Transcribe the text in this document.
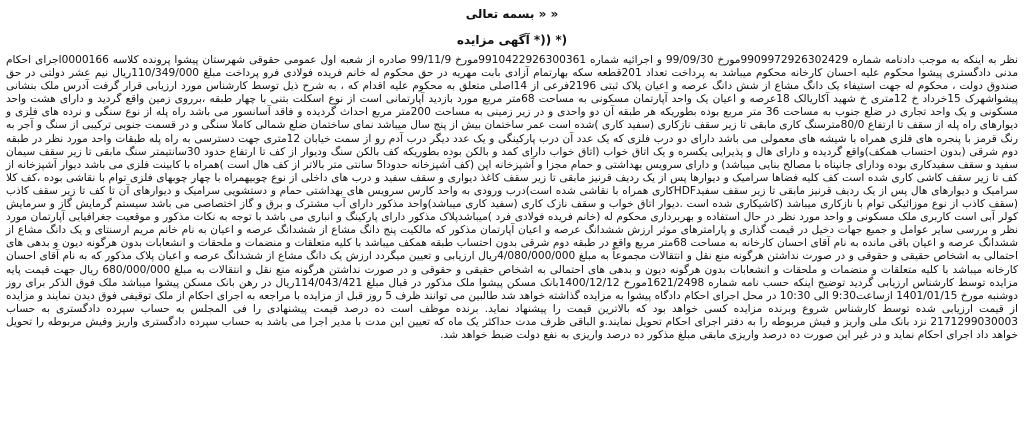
بسمه تعالی » »
آگهی مزایده *)) *)

نظر به اینکه به موجب دادنامه شماره 9909972926302429مورخ 99/09/30 و اجرائیه شماره 9910422926300361مورخ 99/11/9 صادره از شعبه اول عمومی حقوقی شهرستان پیشوا پرونده کلاسه 0000166اجرای احکام مدنی دادگستری پیشوا محکوم علیه احسان کارخانه محکوم میباشد به پرداخت تعداد 201قطعه سکه بهارتمام آزادی بابت مهریه در حق محکوم له خانم فریده فولادی فرو پرداخت مبلغ 110/349/000ریال نیم عشر دولتی در حق صندوق دولت ، محکوم له جهت استیفاء یک دانگ مشاع از شش دانگ عرصه و اعیان پلاک ثبتی 2196فرعی از 14اصلی متعلق به محکوم علیه اقدام که ، به شرح ذیل توسط کارشناس مورد ارزیابی قرار گرفت آدرس ملک بنشانی پیشواشهرک 15خرداد خ 12متری خ شهید آکاریالک 18عرصه و اعیان یک واحد آپارتمان مسکونی به مساحت 68متر مربع مورد بازدید آپارتمانی است از نوع اسکلت بتنی با چهار طبقه ،برروی زمین واقع گردید و دارای هشت واحد مسکونی و یک واحد تجاری در ضلع جنوب به مساحت 36 متر مربع بوده بطوریکه هر طبقه آن دو واحدی و در زیر زمینی به مساحت 200متر مربع احداث گردیده و فاقد آسانسور می باشد راه پله از نوع سنگی و نرده های فلزی و دیوارهای راه پله از سقف تا ارتفاع 80/0مترسنگ کاری مابقی تا زیر سقف نازکاری (سفید کاری )شده است عمر ساختمان بیش از پنج سال میباشد نمای ساختمان ضلع شمالی کاملا سنگی و در قسمت جنوبی ترکیبی از سنگ و آجر به رنگ قرمز با پنجره های فلزی همراه با شیشه های معمولی می باشد دارای دو درب فلزی که یک عدد آن درب پارکینگی و یک عدد دیگر درب آدم رو از سمت خیابان 12متری جهت دسترسی به راه پله طبقات واحد مورد نظر در طبقه دوم شرقی (بدون احتساب همکف)واقع گردیده و دارای هال و پذیرایی یکسره و یک اتاق خواب (اتاق خواب دارای کمد و بالکن بوده بطوریکه کف بالکن سنگ ودیوار از کف تا ارتفاع حدود 30سانتیمتر سنگ مابقی تا زیر سقف سیمان سفید و سقف سفیدکاری بوده ودارای جانپناه با مصالح بنایی میباشد) و دارای سرویس بهداشتی و حمام مجزا و آشپزخانه اپن (کف آشپزخانه حدودا5 سانتی متر بالاتر از کف هال است )همراه با کابینت فلزی می باشد دیوار آشپزخانه از کف تا زیر سقف کاشی کاری شده است کف کلیه فضاها سرامیک و دیوارها پس از یک ردیف قرنیز مابقی تا زیر سقف کاغذ دیواری و سقف سفید و درب های داخلی از نوع چوبیهمراه با چهار چوبهای فلزی توام با نقاشی بوده ،کف کلا سرامیک و دیوارهای هال پس از یک ردیف قرنیز مابقی تا زیر سقف سفیدHDFکاری همراه با نقاشی شده است)درب ورودی به واحد کارس سرویس های بهداشتی حمام و دستشویی سرامیک و دیوارهای آن تا کف تا زیر سقف کاذب (سقف کاذب از نوع موزائیکی توام با نازکاری میباشد (کاشیکاری شده است .دیوار اتاق خواب و سقف نازک کاری (سفید کاری میباشد)واحد مذکور دارای آب مشترک و برق و گاز اختصاصی می باشد سیستم گرمایش گاز و سرمایش کولر آبی است کاربری ملک مسکونی و واحد مورد نظر در حال استفاده و بهربرداری محکوم له (خانم فریده فولادی فرد )میباشدپلاک مذکور دارای پارکینگ و انباری می باشد با توجه به نکات مذکور و موقعیت جغرافیایی آپارتمان مورد نظر و بررسی سایر عوامل و جمیع جهات دخیل در قیمت گذاری و پارامترهای موثر ارزش ششدانگ عرصه و اعیان آپارتمان مذکور که مالکیت پنج دانگ مشاع از ششدانگ عرصه و اعیان به نام خانم مریم ارسنتای و یک دانگ مشاع از ششدانگ عرصه و اعیان باقی مانده به نام آقای احسان کارخانه به مساحت 68متر مربع واقع در طبقه دوم شرقی بدون احتساب طبقه همکف میباشد با کلیه متعلقات و منضمات و ملحقات و انشعابات بدون هرگونه دیون و بدهی های احتمالی به اشخاص حقیقی و حقوقی و در صورت نداشتن هرگونه منع نقل و انتقالات مجموعاً به مبلغ 4/080/000/000ریال ارزیابی و تعیین میگردد ارزش یک دانگ مشاع از ششدانگ عرصه و اعیان پلاک مذکور که به نام آقای احسان کارخانه میباشد با کلیه متعلقات و منضمات و ملحقات و انشعابات بدون هرگونه دیون و بدهی های احتمالی به اشخاص حقیقی و حقوقی و در صورت نداشتن هرگونه منع نقل و انتقالات به مبلغ 680/000/000 ریال جهت قیمت پایه مزایده توسط کارشناس ارزیابی گردید توضیح اینکه حسب نامه شماره 1621/2498مورخ 1400/12/12بانک مسکن پیشوا ملک مذکور در قبال مبلغ 114/043/421ریال در رهن بانک مسکن پیشوا میباشد ملک فوق الذکر برای روز دوشنبه مورخ 1401/01/15 ازساعت9:30 الی 10:30 در محل اجرای احکام دادگاه پیشوا به مزایده گذاشته خواهد شد طالبین می توانند ظرف 5 روز قبل از مزایده با مراجعه به اجرای احکام از ملک توقیفی فوق دیدن نمایند و مزایده از قیمت ارزیابی شده توسط کارشناس شروع وبرنده مزایده کسی خواهد بود که بالاترین قیمت را پیشنهاد نماید. برنده موظف است ده درصد قیمت پیشنهادی را فی المجلس به حساب سپرده دادگستری به حساب 2171299030003 نزد بانک ملی واریز و فیش مربوطه را به دفتر اجرای احکام تحویل نمایند.و الباقی ظرف مدت حداکثر یک ماه که تعیین این مدت با مدیر اجرا می باشد به حساب سپرده دادگستری واریز وفیش مربوطه را تحویل خواهد داد اجرای احکام نماید و در غیر این صورت ده درصد واریزی مابقی مبلغ مذکور ده درصد واریزی به نفع دولت ضبط خواهد شد.
